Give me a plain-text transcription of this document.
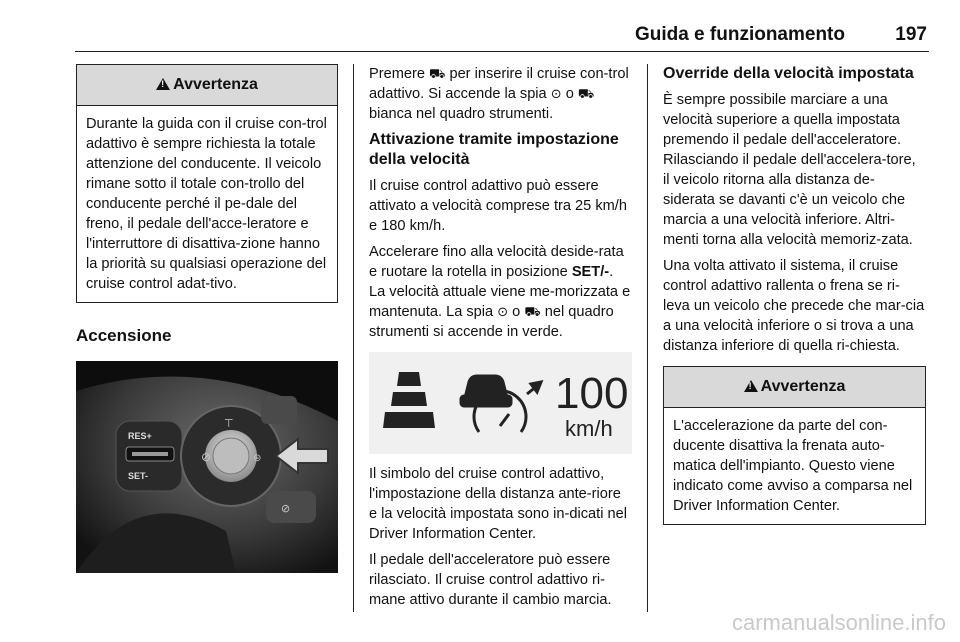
Guida e funzionamento	197
!
Avvertenza
Durante la guida con il cruise con-trol adattivo è sempre richiesta la totale attenzione del conducente. Il veicolo rimane sotto il totale con-trollo del conducente perché il pe-dale del freno, il pedale dell'acce-leratore e l'interruttore di disattiva-zione hanno la priorità su qualsiasi operazione del cruise control adat-tivo.
Accensione
RES+
SET-
⊘
⊤
⊜
⊘

Premere ⛟ per inserire il cruise con-trol adattivo. Si accende la spia ⊙ o ⛟ bianca nel quadro strumenti.

Attivazione tramite impostazione della velocità

Il cruise control adattivo può essere attivato a velocità comprese tra 25 km/h e 180 km/h.

Accelerare fino alla velocità deside-rata e ruotare la rotella in posizione SET/-. La velocità attuale viene me-morizzata e mantenuta. La spia ⊙ o ⛟ nel quadro strumenti si accende in verde.

100
km/h

Il simbolo del cruise control adattivo, l'impostazione della distanza ante-riore e la velocità impostata sono in-dicati nel Driver Information Center.

Il pedale dell'acceleratore può essere rilasciato. Il cruise control adattivo ri-mane attivo durante il cambio marcia.

Override della velocità impostata

È sempre possibile marciare a una velocità superiore a quella impostata premendo il pedale dell'acceleratore. Rilasciando il pedale dell'accelera-tore, il veicolo ritorna alla distanza de-siderata se davanti c'è un veicolo che marcia a una velocità inferiore. Altri-menti torna alla velocità memoriz-zata.

Una volta attivato il sistema, il cruise control adattivo rallenta o frena se ri-leva un veicolo che precede che mar-cia a una velocità inferiore o si trova a una distanza inferiore di quella ri-chiesta.

!
Avvertenza
L'accelerazione da parte del con-ducente disattiva la frenata auto-matica dell'impianto. Questo viene indicato come avviso a comparsa nel Driver Information Center.
carmanualsonline.info
